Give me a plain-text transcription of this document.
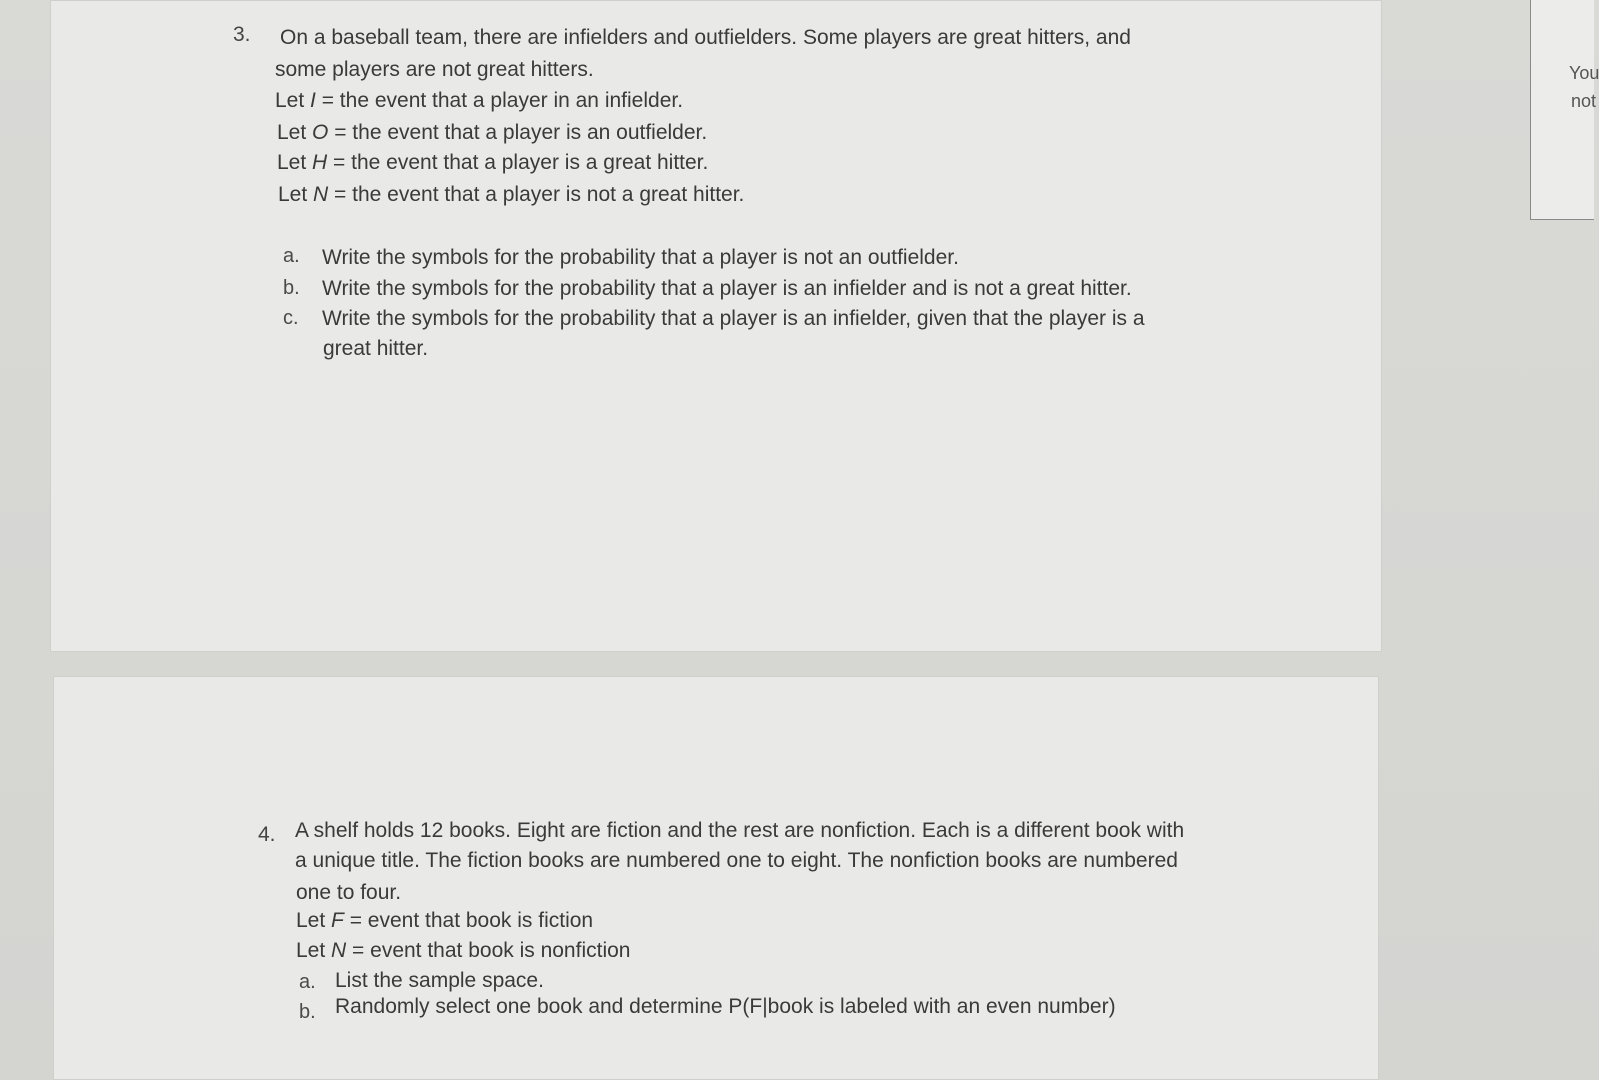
3. On a baseball team, there are infielders and outfielders. Some players are great hitters, and
some players are not great hitters.
Let I = the event that a player in an infielder.
Let O = the event that a player is an outfielder.
Let H = the event that a player is a great hitter.
Let N = the event that a player is not a great hitter.
a. Write the symbols for the probability that a player is not an outfielder.
b. Write the symbols for the probability that a player is an infielder and is not a great hitter.
c. Write the symbols for the probability that a player is an infielder, given that the player is a
great hitter.
4. A shelf holds 12 books. Eight are fiction and the rest are nonfiction. Each is a different book with
a unique title. The fiction books are numbered one to eight. The nonfiction books are numbered
one to four.
Let F = event that book is fiction
Let N = event that book is nonfiction
a. List the sample space.
b. Randomly select one book and determine P(F|book is labeled with an even number)
You
not
